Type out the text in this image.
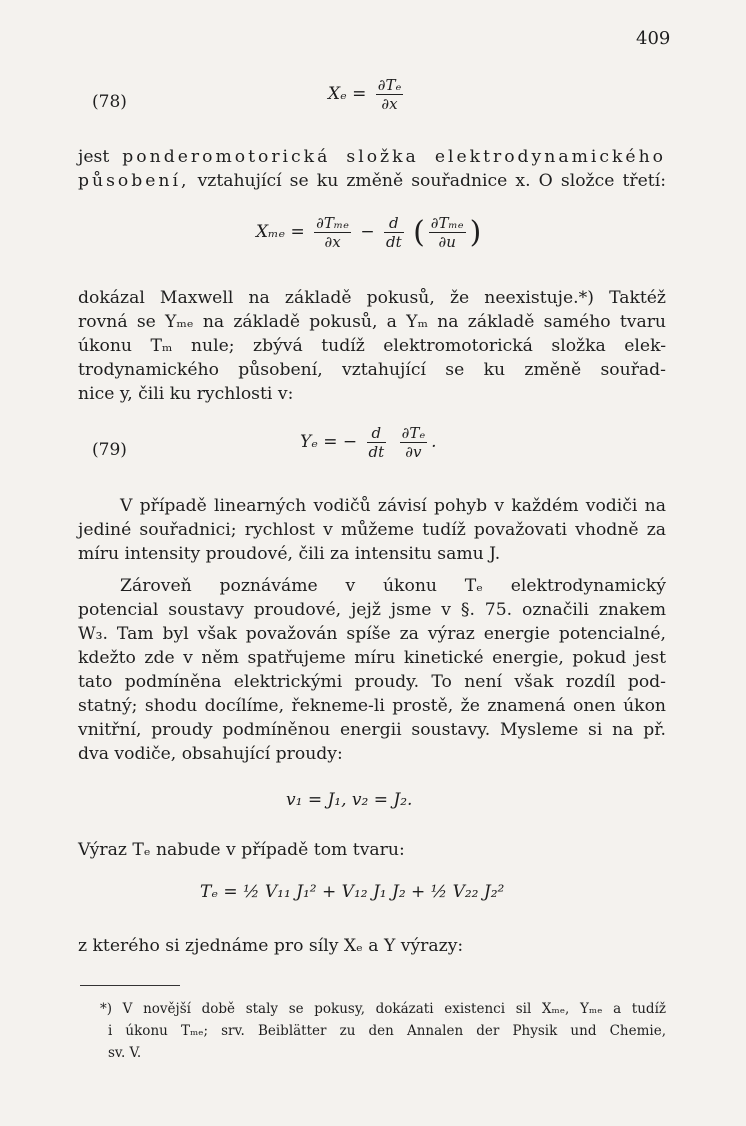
409
(78)	$X_e = \frac{\text{∂Tₑ}}{\partial x}$
jest ponderomotorická složka elektrodynamického
působení, vztahující se ku změně souřadnice x. O složce třetí:
$X_{me} = \frac{\text{∂Tₘₑ}}{\partial x} - \frac{d}{dt}$ ( $\frac{\text{∂Tₘₑ}}{\partial u}$ )
dokázal Maxwell na základě pokusů, že neexistuje.*) Taktéž
rovná se Yₘₑ na základě pokusů, a Yₘ na základě samého tvaru
úkonu Tₘ nule; zbývá tudíž elektromotorická složka elek-
trodynamického působení, vztahující se ku změně souřad-
nice y, čili ku rychlosti v:
(79)	Yₑ = − $\frac{d}{dt}$
$\frac{\text{∂Tₑ}}{\partial v}$ .
V případě linearných vodičů závisí pohyb v každém vodiči na
jediné souřadnici; rychlost v můžeme tudíž považovati vhodně za
míru intensity proudové, čili za intensitu samu J.
Zároveň poznáváme v úkonu Tₑ elektrodynamický
potencial soustavy proudové, jejž jsme v §. 75. označili znakem
W₃. Tam byl však považován spíše za výraz energie potencialné,
kdežto zde v něm spatřujeme míru kinetické energie, pokud jest
tato podmíněna elektrickými proudy. To není však rozdíl pod-
statný; shodu docílíme, řekneme-li prostě, že znamená onen úkon
vnitřní, proudy podmíněnou energii soustavy. Mysleme si na př.
dva vodiče, obsahující proudy:
v₁ = J₁, v₂ = J₂.
Výraz Tₑ nabude v případě tom tvaru:
Tₑ = ½ V₁₁ J₁² + V₁₂ J₁ J₂ + ½ V₂₂ J₂²
z kterého si zjednáme pro síly Xₑ a Y výrazy:
*) V novější době staly se pokusy, dokázati existenci sil Xₘₑ, Yₘₑ a tudíž
i úkonu Tₘₑ; srv. Beiblätter zu den Annalen der Physik und Chemie,
sv. V.
